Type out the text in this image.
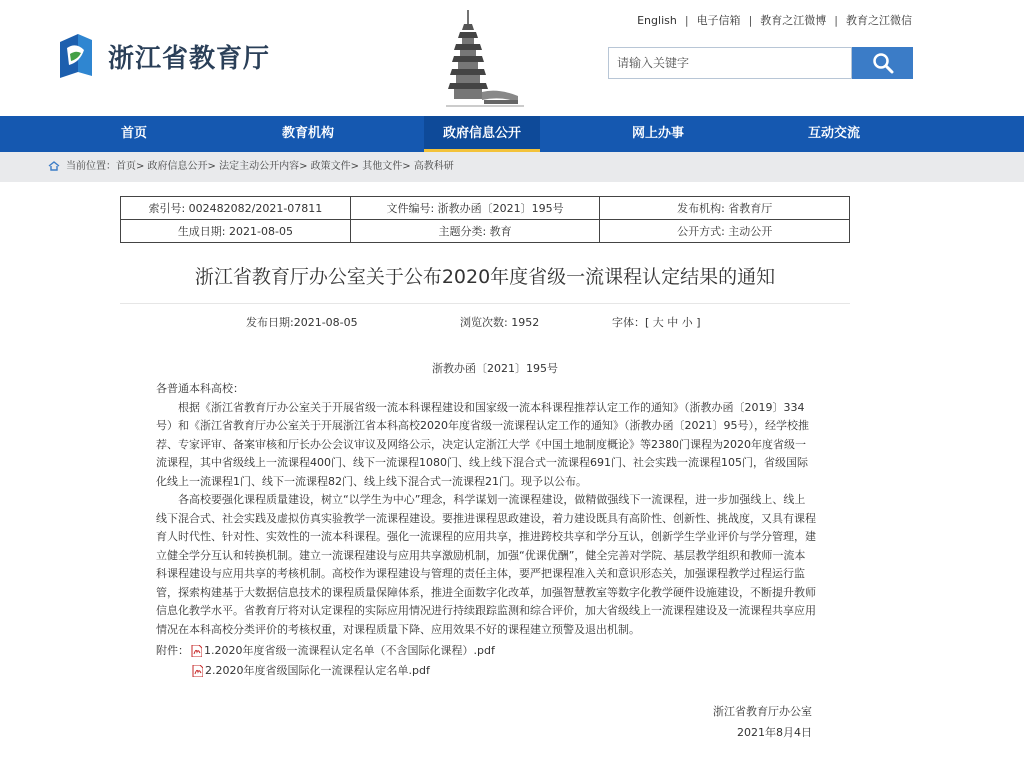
浙江省教育厅
English | 电子信箱 | 教育之江微博 | 教育之江微信
请输入关键字
首页	教育机构	政府信息公开	网上办事	互动交流
当前位置：首页> 政府信息公开> 法定主动公开内容> 政策文件> 其他文件> 高教科研
索引号: 002482082/2021-07811	文件编号: 浙教办函〔2021〕195号	发布机构: 省教育厅
生成日期: 2021-08-05	主题分类: 教育	公开方式: 主动公开
浙江省教育厅办公室关于公布2020年度省级一流课程认定结果的通知
发布日期:2021-08-05	浏览次数: 1952	字体：[ 大 中 小 ]
浙教办函〔2021〕195号

各普通本科高校：

根据《浙江省教育厅办公室关于开展省级一流本科课程建设和国家级一流本科课程推荐认定工作的通知》（浙教办函〔2019〕334号）和《浙江省教育厅办公室关于开展浙江省本科高校2020年度省级一流课程认定工作的通知》（浙教办函〔2021〕95号），经学校推荐、专家评审、备案审核和厅长办公会议审议及网络公示，决定认定浙江大学《中国土地制度概论》等2380门课程为2020年度省级一流课程，其中省级线上一流课程400门、线下一流课程1080门、线上线下混合式一流课程691门、社会实践一流课程105门，省级国际化线上一流课程1门、线下一流课程82门、线上线下混合式一流课程21门。现予以公布。

各高校要强化课程质量建设，树立“以学生为中心”理念，科学谋划一流课程建设，做精做强线下一流课程，进一步加强线上、线上线下混合式、社会实践及虚拟仿真实验教学一流课程建设。要推进课程思政建设，着力建设既具有高阶性、创新性、挑战度，又具有课程育人时代性、针对性、实效性的一流本科课程。强化一流课程的应用共享，推进跨校共享和学分互认，创新学生学业评价与学分管理，建立健全学分互认和转换机制。建立一流课程建设与应用共享激励机制，加强“优课优酬”，健全完善对学院、基层教学组织和教师一流本科课程建设与应用共享的考核机制。高校作为课程建设与管理的责任主体，要严把课程准入关和意识形态关，加强课程教学过程运行监管，探索构建基于大数据信息技术的课程质量保障体系，推进全面数字化改革，加强智慧教室等数字化教学硬件设施建设，不断提升教师信息化教学水平。省教育厅将对认定课程的实际应用情况进行持续跟踪监测和综合评价，加大省级线上一流课程建设及一流课程共享应用情况在本科高校分类评价的考核权重，对课程质量下降、应用效果不好的课程建立预警及退出机制。

附件： 1.2020年度省级一流课程认定名单（不含国际化课程）.pdf
2.2020年度省级国际化一流课程认定名单.pdf
浙江省教育厅办公室
2021年8月4日
